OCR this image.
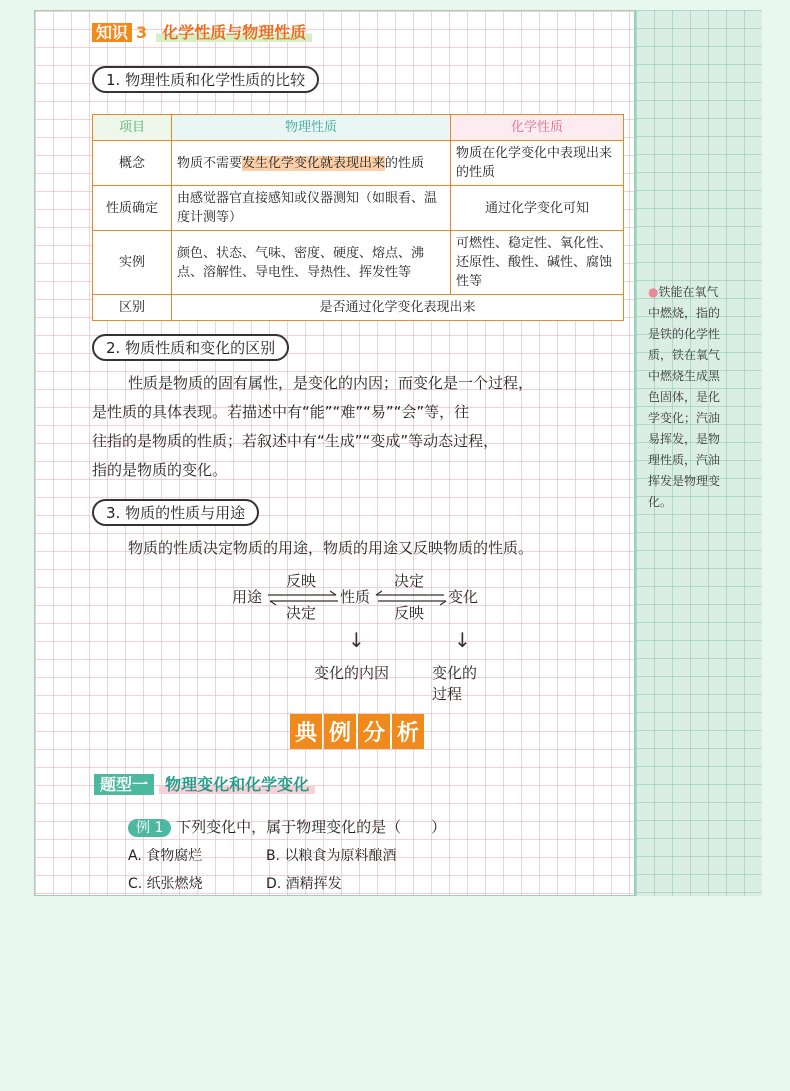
知识 3 化学性质与物理性质
1. 物理性质和化学性质的比较
项目	物理性质	化学性质
概念	物质不需要发生化学变化就表现出来的性质	物质在化学变化中表现出来的性质
性质确定	由感觉器官直接感知或仪器测知（如眼看、温度计测等）	通过化学变化可知
实例	颜色、状态、气味、密度、硬度、熔点、沸点、溶解性、导电性、导热性、挥发性等	可燃性、稳定性、氧化性、还原性、酸性、碱性、腐蚀性等
区别	是否通过化学变化表现出来	
2. 物质性质和变化的区别
性质是物质的固有属性，是变化的内因；而变化是一个过程，
是性质的具体表现。若描述中有“能”“难”“易”“会”等，往
往指的是物质的性质；若叙述中有“生成”“变成”等动态过程，
指的是物质的变化。
3. 物质的性质与用途
物质的性质决定物质的用途，物质的用途又反映物质的性质。
用途	性质	变化
反映
决定
决定
反映
↓	↓
变化的内因	变化的过程
典 例 分 析
题型一 物理变化和化学变化
例 1 下列变化中，属于物理变化的是（　　）
A. 食物腐烂	B. 以粮食为原料酿酒
C. 纸张燃烧	D. 酒精挥发
●铁能在氧气
中燃烧，指的
是铁的化学性
质，铁在氧气
中燃烧生成黑
色固体，是化
学变化；汽油
易挥发，是物
理性质，汽油
挥发是物理变
化。
